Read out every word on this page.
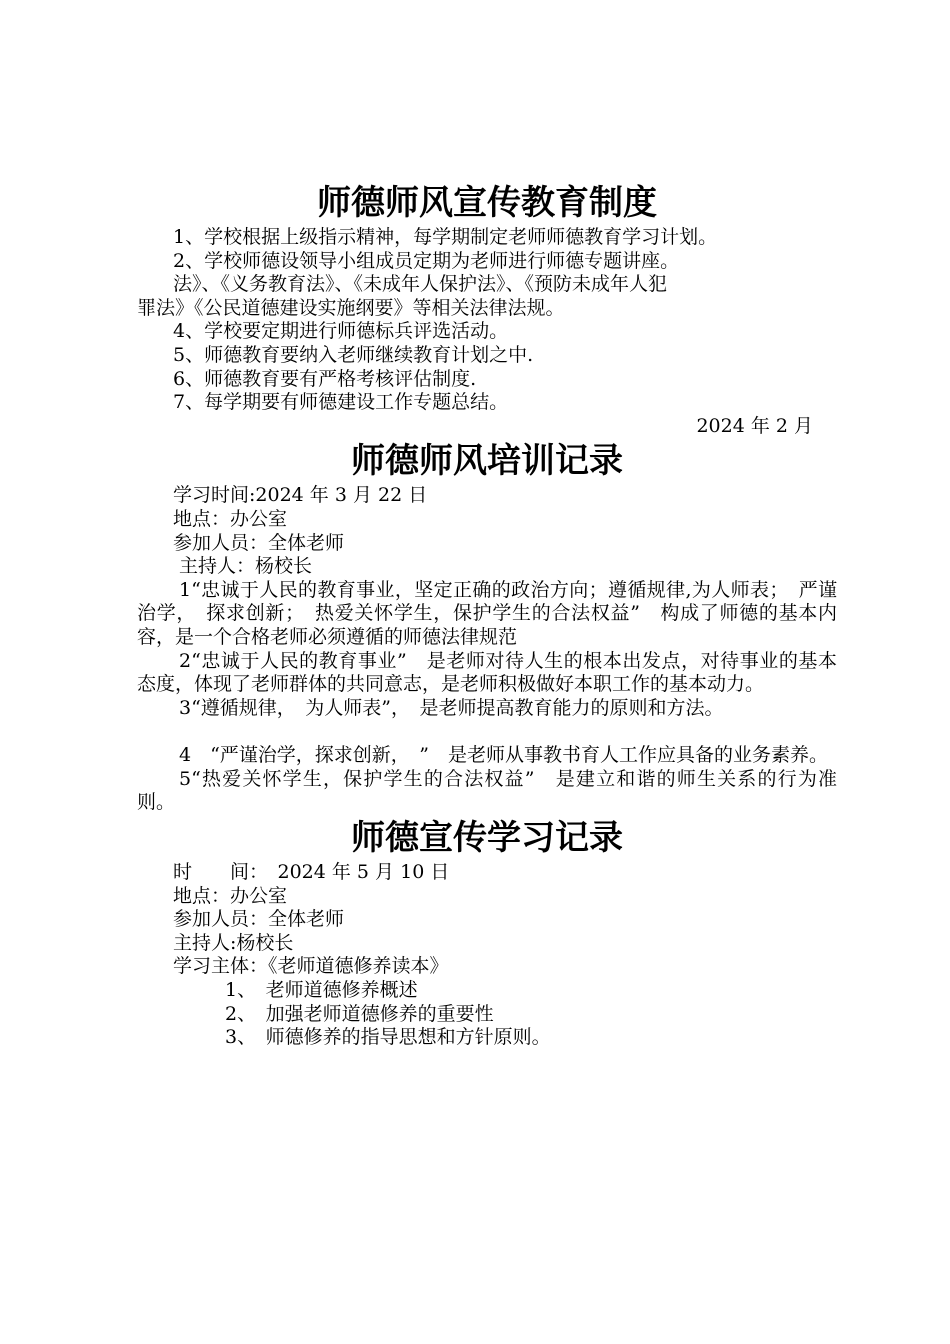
师德师风宣传教育制度

1、学校根据上级指示精神，每学期制定老师师德教育学习计划。

2、学校师德设领导小组成员定期为老师进行师德专题讲座。

法》、《义务教育法》、《未成年人保护法》、《预防未成年人犯

罪法》《公民道德建设实施纲要》等相关法律法规。

4、学校要定期进行师德标兵评选活动。

5、师德教育要纳入老师继续教育计划之中.

6、师德教育要有严格考核评估制度.

7、每学期要有师德建设工作专题总结。

2024 年 2 月

师德师风培训记录

学习时间:2024 年 3 月 22 日

地点：办公室

参加人员：全体老师

主持人：杨校长

1“忠诚于人民的教育事业，坚定正确的政治方向；遵循规律,为人师表；　严谨治学，　探求创新；　热爱关怀学生，保护学生的合法权益”　构成了师德的基本内容，是一个合格老师必须遵循的师德法律规范

2“忠诚于人民的教育事业”　是老师对待人生的根本出发点，对待事业的基本态度，体现了老师群体的共同意志，是老师积极做好本职工作的基本动力。

3“遵循规律，　为人师表”，　是老师提高教育能力的原则和方法。

4　“严谨治学，探求创新，　”　是老师从事教书育人工作应具备的业务素养。

5“热爱关怀学生，保护学生的合法权益”　是建立和谐的师生关系的行为准则。

师德宣传学习记录

时　　间：　2024 年 5 月 10 日

地点：办公室

参加人员：全体老师

主持人:杨校长

学习主体：《老师道德修养读本》

1、　老师道德修养概述

2、　加强老师道德修养的重要性

3、　师德修养的指导思想和方针原则。
